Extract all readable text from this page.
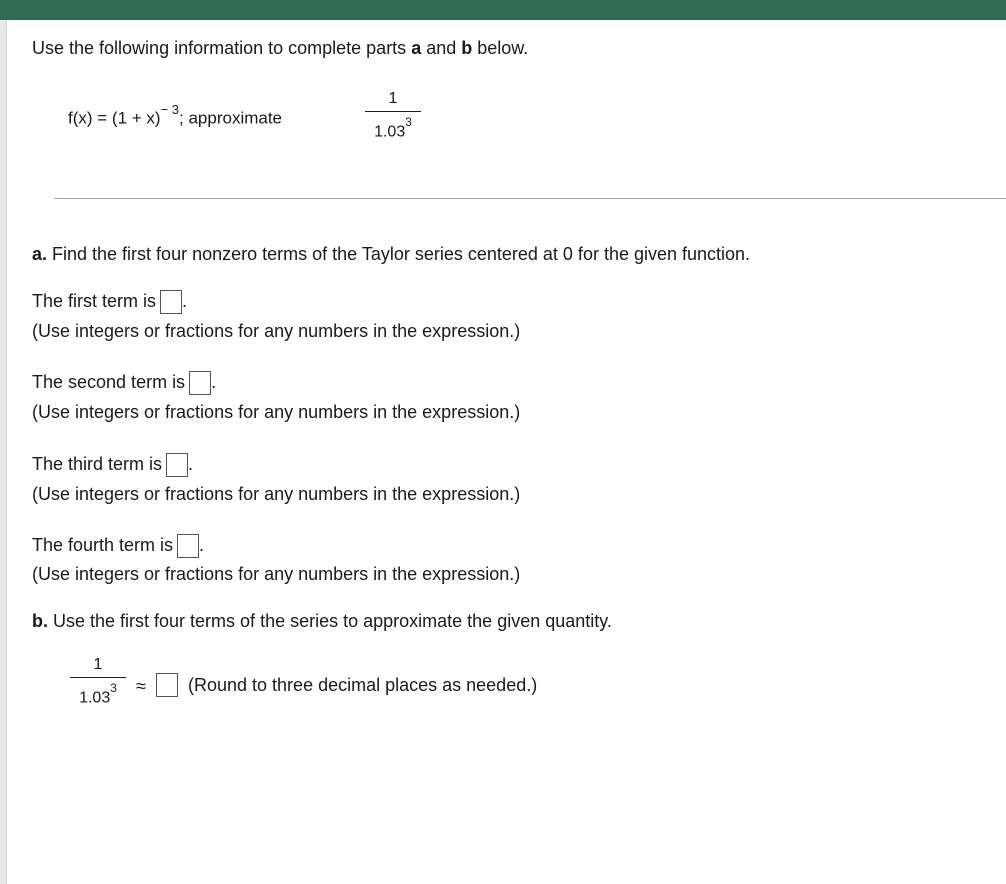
Use the following information to complete parts a and b below.
$f(x) = (1 + x)^{- 3}$; approximate
1
1.03$^3$
a. Find the first four nonzero terms of the Taylor series centered at 0 for the given function.
The first term is .
(Use integers or fractions for any numbers in the expression.)
The second term is .
(Use integers or fractions for any numbers in the expression.)
The third term is .
(Use integers or fractions for any numbers in the expression.)
The fourth term is .
(Use integers or fractions for any numbers in the expression.)
b. Use the first four terms of the series to approximate the given quantity.
1
$1.03^3$	≈ (Round to three decimal places as needed.)
